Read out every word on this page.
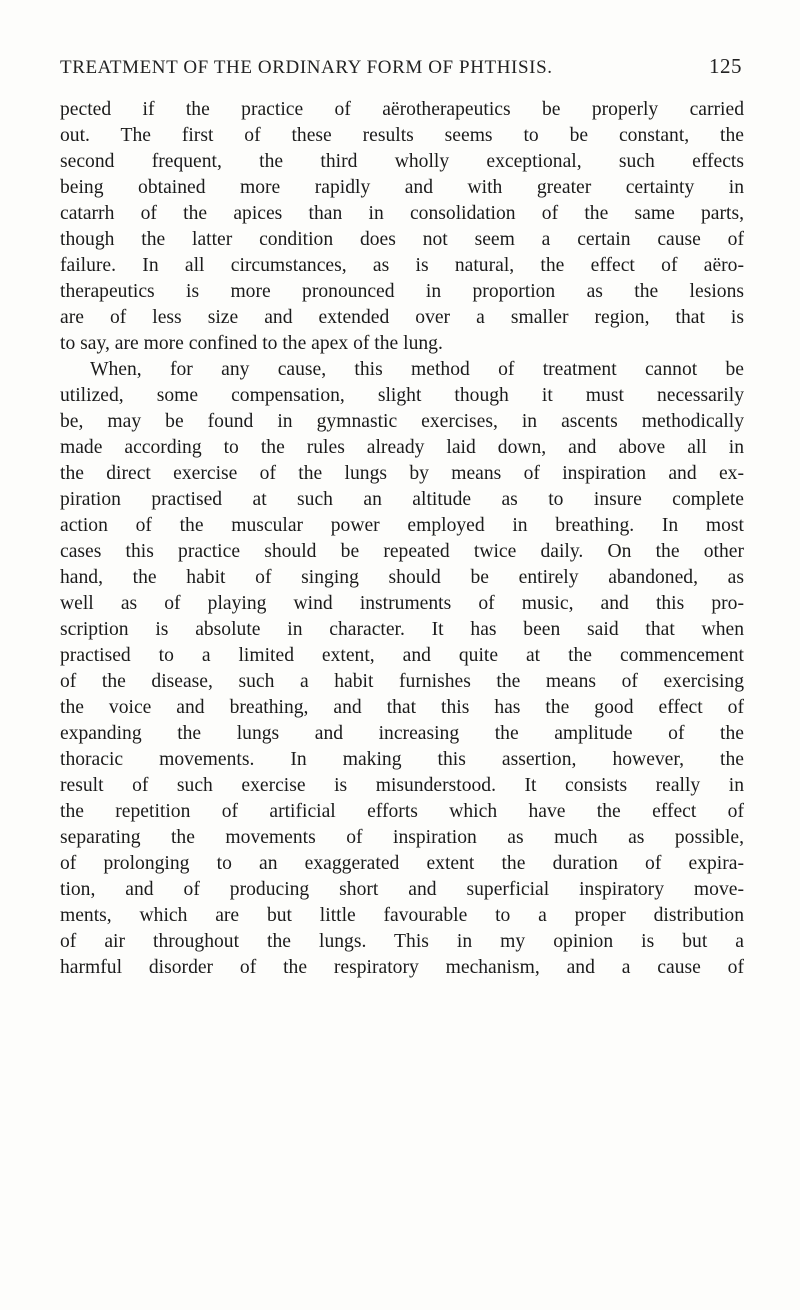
TREATMENT OF THE ORDINARY FORM OF PHTHISIS.	125
pected if the practice of aërotherapeutics be properly carried
out. The first of these results seems to be constant, the
second frequent, the third wholly exceptional, such effects
being obtained more rapidly and with greater certainty in
catarrh of the apices than in consolidation of the same parts,
though the latter condition does not seem a certain cause of
failure. In all circumstances, as is natural, the effect of aëro-
therapeutics is more pronounced in proportion as the lesions
are of less size and extended over a smaller region, that is
to say, are more confined to the apex of the lung.
When, for any cause, this method of treatment cannot be
utilized, some compensation, slight though it must necessarily
be, may be found in gymnastic exercises, in ascents methodically
made according to the rules already laid down, and above all in
the direct exercise of the lungs by means of inspiration and ex-
piration practised at such an altitude as to insure complete
action of the muscular power employed in breathing. In most
cases this practice should be repeated twice daily. On the other
hand, the habit of singing should be entirely abandoned, as
well as of playing wind instruments of music, and this pro-
scription is absolute in character. It has been said that when
practised to a limited extent, and quite at the commencement
of the disease, such a habit furnishes the means of exercising
the voice and breathing, and that this has the good effect of
expanding the lungs and increasing the amplitude of the
thoracic movements. In making this assertion, however, the
result of such exercise is misunderstood. It consists really in
the repetition of artificial efforts which have the effect of
separating the movements of inspiration as much as possible,
of prolonging to an exaggerated extent the duration of expira-
tion, and of producing short and superficial inspiratory move-
ments, which are but little favourable to a proper distribution
of air throughout the lungs. This in my opinion is but a
harmful disorder of the respiratory mechanism, and a cause of
